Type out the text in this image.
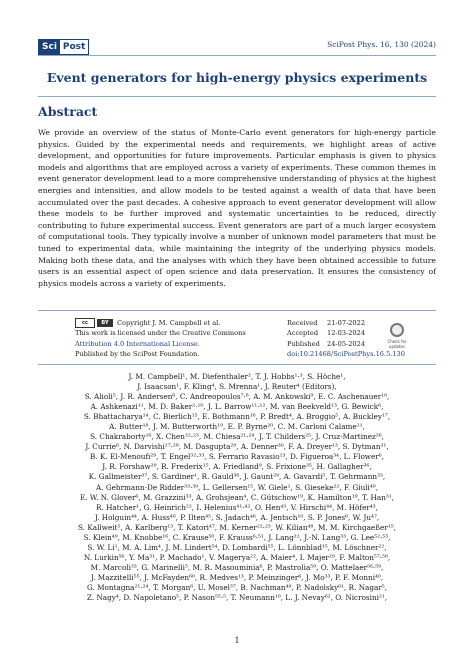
Sci Post	SciPost Phys. 16, 130 (2024)
Event generators for high-energy physics experiments
Abstract

We provide an overview of the status of Monte-Carlo event generators for high-energy particle physics. Guided by the experimental needs and requirements, we highlight areas of active development, and opportunities for future improvements. Particular emphasis is given to physics models and algorithms that are employed across a variety of experiments. These common themes in event generator development lead to a more comprehensive understanding of physics at the highest energies and intensities, and allow models to be tested against a wealth of data that have been accumulated over the past decades. A cohesive approach to event generator development will allow these models to be further improved and systematic uncertainties to be reduced, directly contributing to future experimental success. Event generators are part of a much larger ecosystem of computational tools. They typically involve a number of unknown model parameters that must be tuned to experimental data, while maintaining the integrity of the underlying physics models. Making both these data, and the analyses with which they have been obtained accessible to future users is an essential aspect of open science and data preservation. It ensures the consistency of physics models across a variety of experiments.

cc	BY Copyright J. M. Campbell et al.
This work is licensed under the Creative Commons
Attribution 4.0 International License.
Published by the SciPost Foundation.
Received	21-07-2022
Accepted	12-03-2024
Published	24-05-2024
doi:10.21468/SciPostPhys.16.5.130
Check for updates
J. M. Campbell¹, M. Diefenthaler², T. J. Hobbs¹·³, S. Höche¹,
J. Isaacson¹, F. Kling⁴, S. Mrenna¹, J. Reuter⁴ (Editors),
S. Alioli⁵, J. R. Andersen⁶, C. Andreopoulos⁷·⁸, A. M. Ankowski⁹, E. C. Aschenauer¹⁰,
A. Ashkenazi¹¹, M. D. Baker²·¹⁰, J. L. Barrow¹¹·¹², M. van Beekveld¹³, G. Bewick⁶,
S. Bhattacharya¹⁴, C. Bierlich¹⁵, E. Bothmann¹⁶, P. Bredt⁴, A. Broggio⁵, A. Buckley¹⁷,
A. Butter¹⁸, J. M. Butterworth¹⁹, E. P. Byrne²⁰, C. M. Carloni Calame²¹,
S. Chakraborty¹⁶, X. Chen²²·²³, M. Chiesa²¹·²⁴, J. T. Childers²⁵, J. Cruz-Martinez²⁶,
J. Currie⁶, N. Darvishi²⁷·²⁸, M. Dasgupta²⁹, A. Denner³⁰, F. A. Dreyer¹³, S. Dytman³¹,
B. K. El-Menoufi²⁹, T. Engel³²·³³, S. Ferrario Ravasio¹³, D. Figueroa³⁴, L. Flower⁶,
J. R. Forshaw²⁹, R. Frederix¹⁵, A. Friedland⁹, S. Frixione³⁵, H. Gallagher³⁶,
K. Gallmeister³⁷, S. Gardiner¹, R. Gauld³⁸, J. Gaunt²⁹, A. Gavardi⁵, T. Gehrmann³³,
A. Gehrmann-De Ridder³³·³⁹, L. Gellersen¹⁵, W. Giele¹, S. Gieseke²², F. Giuli⁴⁰,
E. W. N. Glover⁶, M. Grazzini³³, A. Grohsjean⁴, C. Gütschow¹⁹, K. Hamilton¹⁹, T. Han³¹,
R. Hatcher¹, G. Heinrich²², I. Helenius⁴¹·⁴², O. Hen⁴³, V. Hirschi⁴⁴, M. Höfer⁴³,
J. Holguin⁴⁴, A. Huss⁴⁰, P. Ilten⁴⁵, S. Jadach⁴⁶, A. Jentsch¹⁰, S. P. Jones⁶, W. Ju⁴⁷,
S. Kallweit⁵, A. Karlberg¹³, T. Katori⁴⁷, M. Kerner²²·²³, W. Kilian⁴⁸, M. M. Kirchgaeßer¹⁵,
S. Klein⁴⁹, M. Knobbe¹⁶, C. Krause⁵⁰, F. Krauss⁶·⁵¹, J. Lang²², J.-N. Lang³³, G. Lee⁵²·⁵³,
S. W. Li¹, M. A. Lim⁴, J. M. Lindert⁵⁴, D. Lombardi⁵⁵, L. Lönnblad¹⁵, M. Löschner²²,
N. Lurkin⁵⁶, Y. Ma³¹, P. Machado¹, V. Magerya²², A. Maier⁴, I. Majer²⁹, F. Malton⁵⁷·⁵⁸,
M. Marcoli³³, G. Marinelli⁵, M. R. Masouminia⁶, P. Mastrolia⁵⁹, O. Mattelaer⁵⁶·⁵⁹,
J. Mazzitelli⁵⁵, J. McFayden⁶⁰, R. Medves¹³, P. Meinzinger⁶, J. Mo³³, P. F. Monni⁴⁰,
G. Montagna²¹·²⁴, T. Morgan⁶, U. Mosel³⁷, B. Nachman⁴⁹, P. Nadolsky⁶¹, R. Nagar⁵,
Z. Nagy⁴, D. Napoletano⁵, P. Nason⁵⁵·⁵, T. Neumann¹⁰, L. J. Nevay⁶², O. Nicrosini²¹,
1
